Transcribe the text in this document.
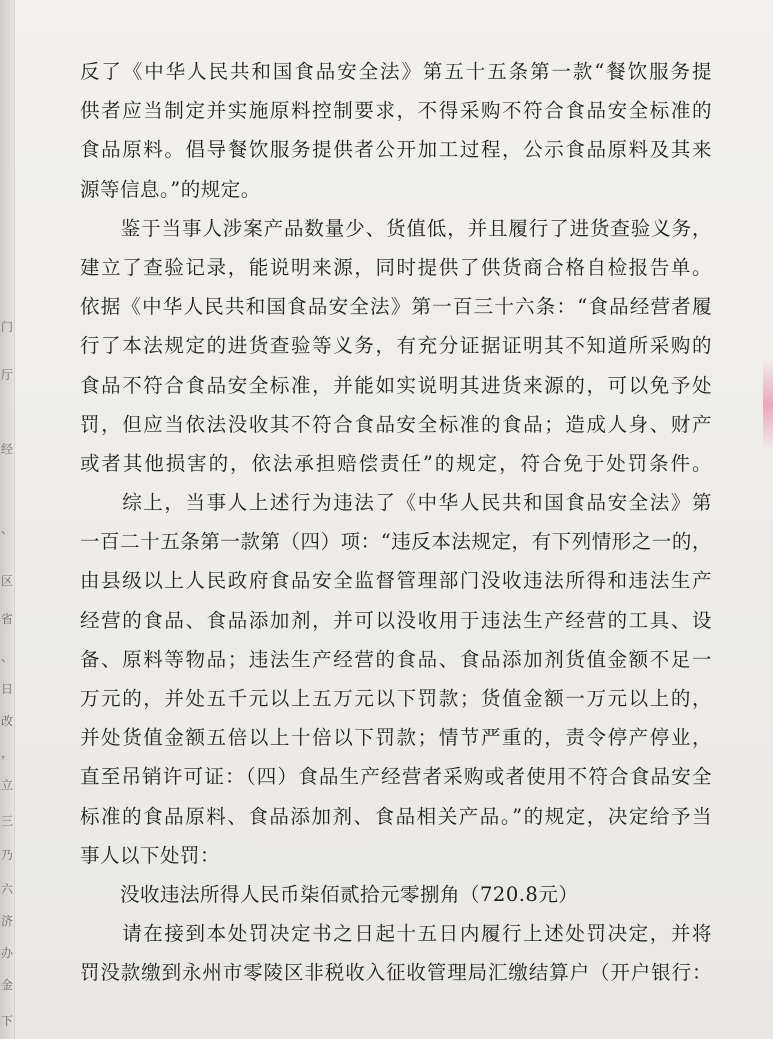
门
厅
经
、
区
省
、
日
改
，
立
三
乃
六
济
办
金
下
反了《中华人民共和国食品安全法》第五十五条第一款“餐饮服务提
供者应当制定并实施原料控制要求，不得采购不符合食品安全标准的
食品原料。倡导餐饮服务提供者公开加工过程，公示食品原料及其来
源等信息。”的规定。
　　鉴于当事人涉案产品数量少、货值低，并且履行了进货查验义务，
建立了查验记录，能说明来源，同时提供了供货商合格自检报告单。
依据《中华人民共和国食品安全法》第一百三十六条：“食品经营者履
行了本法规定的进货查验等义务，有充分证据证明其不知道所采购的
食品不符合食品安全标准，并能如实说明其进货来源的，可以免予处
罚，但应当依法没收其不符合食品安全标准的食品；造成人身、财产
或者其他损害的，依法承担赔偿责任”的规定，符合免于处罚条件。
　　综上，当事人上述行为违法了《中华人民共和国食品安全法》第
一百二十五条第一款第（四）项：“违反本法规定，有下列情形之一的，
由县级以上人民政府食品安全监督管理部门没收违法所得和违法生产
经营的食品、食品添加剂，并可以没收用于违法生产经营的工具、设
备、原料等物品；违法生产经营的食品、食品添加剂货值金额不足一
万元的，并处五千元以上五万元以下罚款；货值金额一万元以上的，
并处货值金额五倍以上十倍以下罚款；情节严重的，责令停产停业，
直至吊销许可证：（四）食品生产经营者采购或者使用不符合食品安全
标准的食品原料、食品添加剂、食品相关产品。”的规定，决定给予当
事人以下处罚：
　　没收违法所得人民币柒佰贰拾元零捌角（720.8元）
　　请在接到本处罚决定书之日起十五日内履行上述处罚决定，并将
罚没款缴到永州市零陵区非税收入征收管理局汇缴结算户（开户银行：
